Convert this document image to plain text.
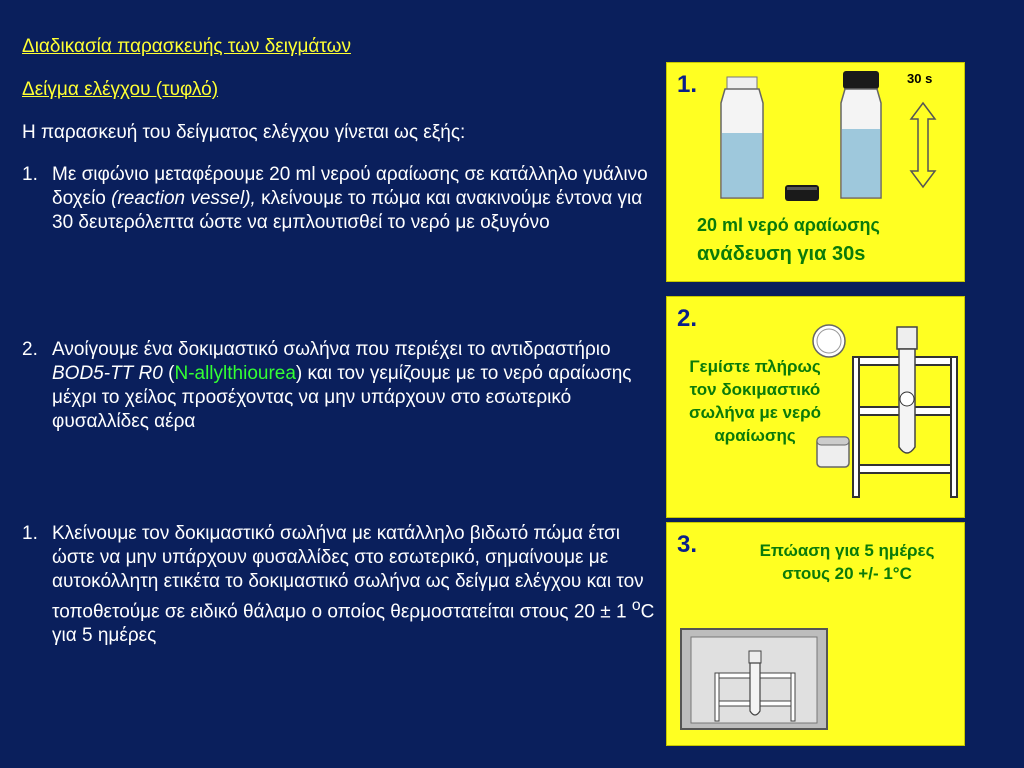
Διαδικασία παρασκευής των δειγμάτων
Δείγμα ελέγχου (τυφλό)

Η παρασκευή του δείγματος ελέγχου γίνεται ως εξής:

1. Με σιφώνιο μεταφέρουμε 20 ml νερού αραίωσης σε κατάλληλο γυάλινο δοχείο (reaction vessel), κλείνουμε το πώμα και ανακινούμε έντονα για 30 δευτερόλεπτα ώστε να εμπλουτισθεί το νερό με οξυγόνο
2. Ανοίγουμε ένα δοκιμαστικό σωλήνα που περιέχει το αντιδραστήριο BOD5-TT R0 (N-allylthiourea) και τον γεμίζουμε με το νερό αραίωσης μέχρι το χείλος προσέχοντας να μην υπάρχουν στο εσωτερικό φυσαλλίδες αέρα
1. Κλείνουμε τον δοκιμαστικό σωλήνα με κατάλληλο βιδωτό πώμα έτσι ώστε να μην υπάρχουν φυσαλλίδες στο εσωτερικό, σημαίνουμε με αυτοκόλλητη ετικέτα το δοκιμαστικό σωλήνα ως δείγμα ελέγχου και τον τοποθετούμε σε ειδικό θάλαμο ο οποίος θερμοστατείται στους 20 ± 1 $^o$C για 5 ημέρες
1.	30 s
20 ml νερό αραίωσης
ανάδευση για 30s
2.
Γεμίστε πλήρως τον δοκιμαστικό σωλήνα με νερό αραίωσης
3.	Επώαση για 5 ημέρες στους 20 +/- 1°C
